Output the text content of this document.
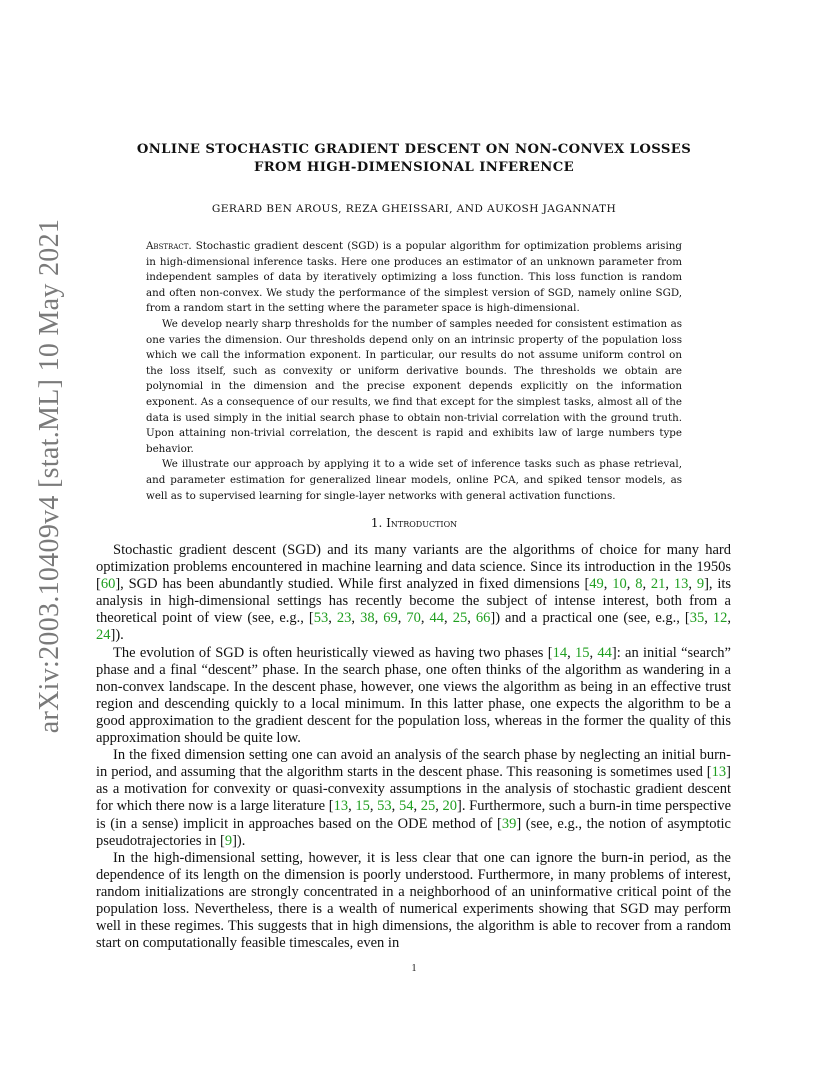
arXiv:2003.10409v4 [stat.ML] 10 May 2021
ONLINE STOCHASTIC GRADIENT DESCENT ON NON-CONVEX LOSSES
FROM HIGH-DIMENSIONAL INFERENCE
GERARD BEN AROUS, REZA GHEISSARI, AND AUKOSH JAGANNATH

Abstract. Stochastic gradient descent (SGD) is a popular algorithm for optimization problems arising in high-dimensional inference tasks. Here one produces an estimator of an unknown parameter from independent samples of data by iteratively optimizing a loss function. This loss function is random and often non-convex. We study the performance of the simplest version of SGD, namely online SGD, from a random start in the setting where the parameter space is high-dimensional.

We develop nearly sharp thresholds for the number of samples needed for consistent estimation as one varies the dimension. Our thresholds depend only on an intrinsic property of the population loss which we call the information exponent. In particular, our results do not assume uniform control on the loss itself, such as convexity or uniform derivative bounds. The thresholds we obtain are polynomial in the dimension and the precise exponent depends explicitly on the information exponent. As a consequence of our results, we find that except for the simplest tasks, almost all of the data is used simply in the initial search phase to obtain non-trivial correlation with the ground truth. Upon attaining non-trivial correlation, the descent is rapid and exhibits law of large numbers type behavior.

We illustrate our approach by applying it to a wide set of inference tasks such as phase retrieval, and parameter estimation for generalized linear models, online PCA, and spiked tensor models, as well as to supervised learning for single-layer networks with general activation functions.

1. Introduction

Stochastic gradient descent (SGD) and its many variants are the algorithms of choice for many hard optimization problems encountered in machine learning and data science. Since its introduction in the 1950s [60], SGD has been abundantly studied. While first analyzed in fixed dimensions [49, 10, 8, 21, 13, 9], its analysis in high-dimensional settings has recently become the subject of intense interest, both from a theoretical point of view (see, e.g., [53, 23, 38, 69, 70, 44, 25, 66]) and a practical one (see, e.g., [35, 12, 24]).

The evolution of SGD is often heuristically viewed as having two phases [14, 15, 44]: an initial “search” phase and a final “descent” phase. In the search phase, one often thinks of the algorithm as wandering in a non-convex landscape. In the descent phase, however, one views the algorithm as being in an effective trust region and descending quickly to a local minimum. In this latter phase, one expects the algorithm to be a good approximation to the gradient descent for the population loss, whereas in the former the quality of this approximation should be quite low.

In the fixed dimension setting one can avoid an analysis of the search phase by neglecting an initial burn-in period, and assuming that the algorithm starts in the descent phase. This reasoning is sometimes used [13] as a motivation for convexity or quasi-convexity assumptions in the analysis of stochastic gradient descent for which there now is a large literature [13, 15, 53, 54, 25, 20]. Furthermore, such a burn-in time perspective is (in a sense) implicit in approaches based on the ODE method of [39] (see, e.g., the notion of asymptotic pseudotrajectories in [9]).

In the high-dimensional setting, however, it is less clear that one can ignore the burn-in period, as the dependence of its length on the dimension is poorly understood. Furthermore, in many problems of interest, random initializations are strongly concentrated in a neighborhood of an uninformative critical point of the population loss. Nevertheless, there is a wealth of numerical experiments showing that SGD may perform well in these regimes. This suggests that in high dimensions, the algorithm is able to recover from a random start on computationally feasible timescales, even in

1
